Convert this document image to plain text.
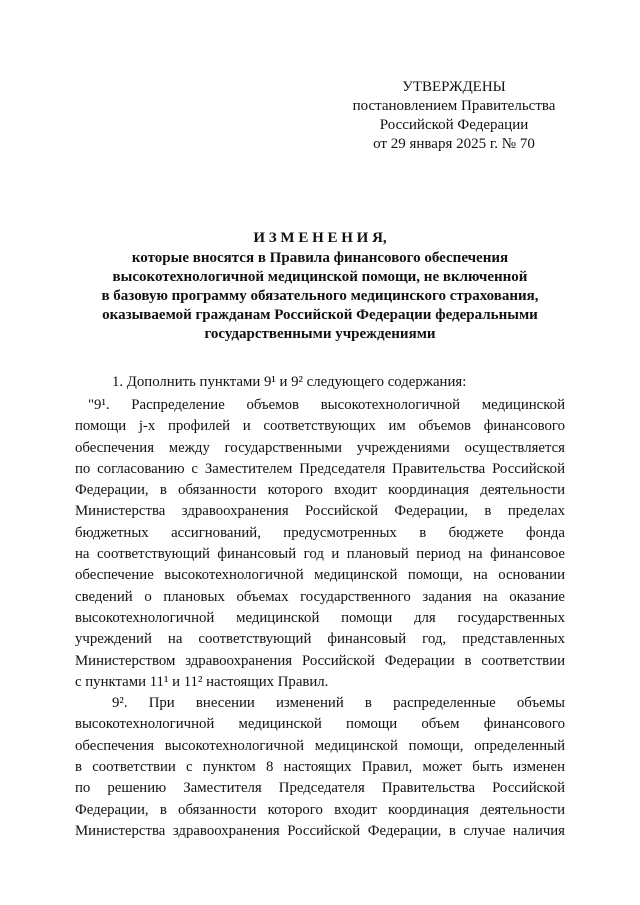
УТВЕРЖДЕНЫ
постановлением Правительства
Российской Федерации
от 29 января 2025 г. № 70
И З М Е Н Е Н И Я,
которые вносятся в Правила финансового обеспечения
высокотехнологичной медицинской помощи, не включенной
в базовую программу обязательного медицинского страхования,
оказываемой гражданам Российской Федерации федеральными
государственными учреждениями
1. Дополнить пунктами 9¹ и 9² следующего содержания:
"9¹. Распределение объемов высокотехнологичной медицинской
помощи j-х профилей и соответствующих им объемов финансового
обеспечения между государственными учреждениями осуществляется
по согласованию с Заместителем Председателя Правительства Российской
Федерации, в обязанности которого входит координация деятельности
Министерства здравоохранения Российской Федерации, в пределах
бюджетных ассигнований, предусмотренных в бюджете фонда
на соответствующий финансовый год и плановый период на финансовое
обеспечение высокотехнологичной медицинской помощи, на основании
сведений о плановых объемах государственного задания на оказание
высокотехнологичной медицинской помощи для государственных
учреждений на соответствующий финансовый год, представленных
Министерством здравоохранения Российской Федерации в соответствии
с пунктами 11¹ и 11² настоящих Правил.
9². При внесении изменений в распределенные объемы
высокотехнологичной медицинской помощи объем финансового
обеспечения высокотехнологичной медицинской помощи, определенный
в соответствии с пунктом 8 настоящих Правил, может быть изменен
по решению Заместителя Председателя Правительства Российской
Федерации, в обязанности которого входит координация деятельности
Министерства здравоохранения Российской Федерации, в случае наличия
